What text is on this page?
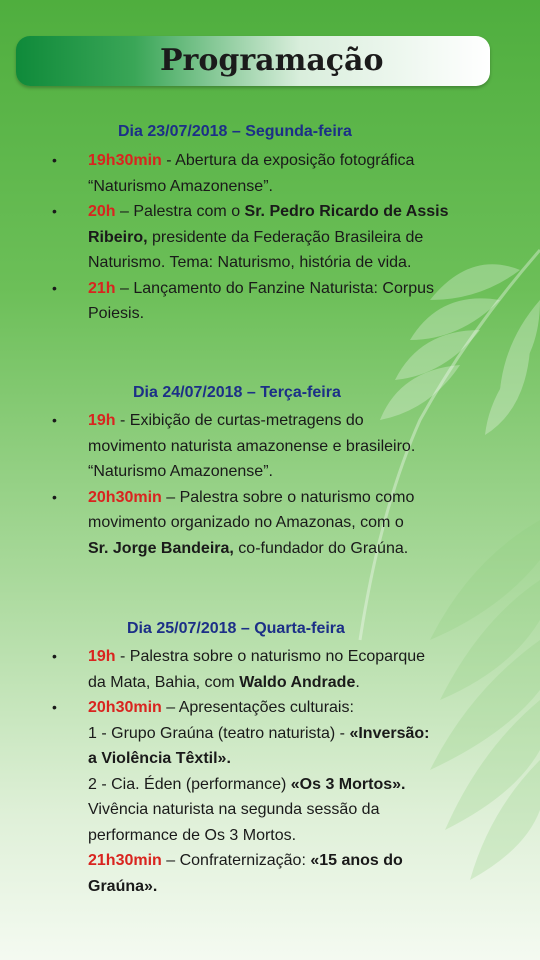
Programação
Dia 23/07/2018 – Segunda-feira
• 19h30min - Abertura da exposição fotográfica
“Naturismo Amazonense”.
• 20h – Palestra com o Sr. Pedro Ricardo de Assis
Ribeiro, presidente da Federação Brasileira de
Naturismo. Tema: Naturismo, história de vida.
• 21h – Lançamento do Fanzine Naturista: Corpus
Poiesis.
Dia 24/07/2018 – Terça-feira
• 19h - Exibição de curtas-metragens do
movimento naturista amazonense e brasileiro.
“Naturismo Amazonense”.
• 20h30min – Palestra sobre o naturismo como
movimento organizado no Amazonas, com o
Sr. Jorge Bandeira, co-fundador do Graúna.
Dia 25/07/2018 – Quarta-feira
• 19h - Palestra sobre o naturismo no Ecoparque
da Mata, Bahia, com Waldo Andrade.
• 20h30min – Apresentações culturais:
1 - Grupo Graúna (teatro naturista) - «Inversão:
a Violência Têxtil».
2 - Cia. Éden (performance) «Os 3 Mortos».
Vivência naturista na segunda sessão da
performance de Os 3 Mortos.
21h30min – Confraternização: «15 anos do
Graúna».
